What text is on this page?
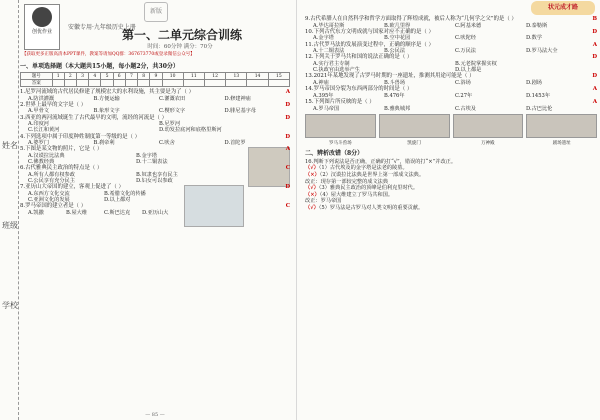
姓名
班级
学校
创优作业
新版
安徽专用·九年级历史上册
第一、二单元综合训练
时间：60分钟 满分：70分
【获取更多正版高清本PPT课件，教案等请加QQ群：367673770或登录微信公众号】
一、单项选择题（本大题共15小题，每小题2分，共30分）
题号	1	2	3	4	5	6	7	8	9	10	11	12	13	14	15
答案															
1.尼罗河流域的古代居民修建了规模宏大的水利设施，其主要是为了（ ）	A
A.防洪灌溉	B.方便运输	C.灌溉农田	D.修建神庙
2.世界上最早的文字是（ ）	D
A.甲骨文	B.象形文字	C.楔形文字	D.腓尼基字母
3.西亚的两河流域诞生了古代最早的文明，流经的河流是（ ）	D
A.印度河	B.尼罗河
C.长江和黄河	D.幼发拉底河和底格里斯河
4.下列选项中属于印度种姓制度第一等级的是（ ）	D
A.婆罗门	B.刹帝利	C.吠舍	D.首陀罗
5.下图是某文物的照片，它是（ ）	A
A.汉谟拉比法典	B.金字塔
C.佛教经典	D.十二铜表法
6.古代雅典民主政治的特点是（ ）	C
A.所有人都有权参政	B.奴隶也享有民主
C.公民享有充分民主	D.妇女可以参政
7.亚历山大帝国的建立，客观上促进了（ ）	D
A.东西方文化交流	B.希腊文化的传播
C.亚洲文化的发展	D.以上都对
8.罗马帝国的建立者是（ ）	C
A.凯撒	B.屋大维	C.斯巴达克	D.亚历山大
— 85 —
状元成才路
9.古代希腊人在自然科学和哲学方面取得了辉煌成就，被后人称为“几何学之父”的是（ ）	B
A.毕达哥拉斯	B.欧几里得	C.阿基米德	D.泰勒斯
10.下列古代东方文明成就与国家对应不正确的是（ ）	D
A.金字塔	B.空中花园	C.吠陀经	D.数学
11.古代罗马法的发展演变过程中，正确的顺序是（ ）	A
A.十二铜表法	B.公民法	C.万民法	D.罗马法大全
12.下列关于罗马共和国的说法正确的是（ ）	D
A.实行君主专制	B.元老院掌握实权
C.执政官由选举产生	D.以上都是
13.2021年某地发现了古罗马时期的一座遗址，推测其用途可能是（ ）	D
A.神庙	B.斗兽场	C.浴场	D.剧场
14.罗马帝国分裂为东西两部分的时间是（ ）	A
A.395年	B.476年	C.27年	D.1453年
15.下列图片所反映的是（ ）	A
A.罗马帝国	B.雅典城邦	C.古埃及	D.古巴比伦
罗马斗兽场	凯旋门	万神殿	剧场遗址
二、辨析改错（8分）
16.判断下列说法是否正确，正确的打“√”，错误的打“×”并改正。
（√）（1）古代埃及的金字塔是法老的陵墓。
（×）（2）汉谟拉比法典是世界上第一部成文法典。
改正：现存第一部较完整的成文法典
（√）（3）雅典民主政治的顶峰是伯利克里时代。
（×）（4）屋大维建立了罗马共和国。
改正：罗马帝国
（√）（5）罗马法是古罗马对人类文明的重要贡献。
